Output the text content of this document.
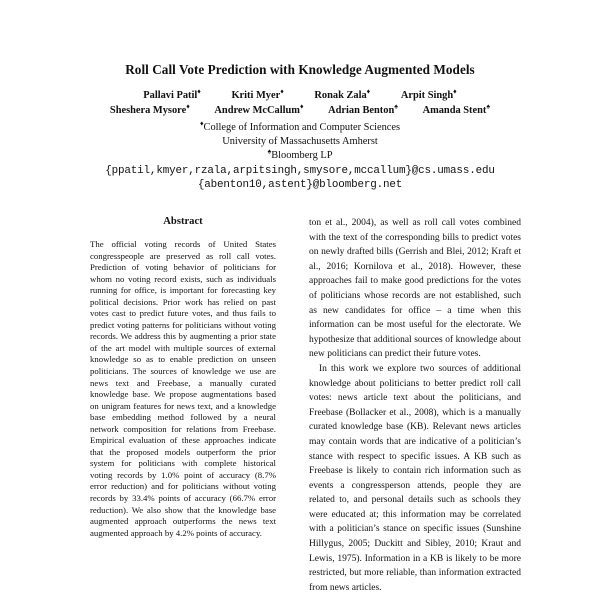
Roll Call Vote Prediction with Knowledge Augmented Models
Pallavi Patil♦	Kriti Myer♦	Ronak Zala♦	Arpit Singh♦
Sheshera Mysore♦ Andrew McCallum♦ Adrian Benton♠ Amanda Stent♠
♦College of Information and Computer Sciences
University of Massachusetts Amherst
♠Bloomberg LP
{ppatil,kmyer,rzala,arpitsingh,smysore,mccallum}@cs.umass.edu
{abenton10,astent}@bloomberg.net
Abstract
The official voting records of United States congresspeople are preserved as roll call votes. Prediction of voting behavior of politicians for whom no voting record exists, such as individuals running for office, is important for forecasting key political decisions. Prior work has relied on past votes cast to predict future votes, and thus fails to predict voting patterns for politicians without voting records. We address this by augmenting a prior state of the art model with multiple sources of external knowledge so as to enable prediction on unseen politicians. The sources of knowledge we use are news text and Freebase, a manually curated knowledge base. We propose augmentations based on unigram features for news text, and a knowledge base embedding method followed by a neural network composition for relations from Freebase. Empirical evaluation of these approaches indicate that the proposed models outperform the prior system for politicians with complete historical voting records by 1.0% point of accuracy (8.7% error reduction) and for politicians without voting records by 33.4% points of accuracy (66.7% error reduction). We also show that the knowledge base augmented approach outperforms the news text augmented approach by 4.2% points of accuracy.

ton et al., 2004), as well as roll call votes combined with the text of the corresponding bills to predict votes on newly drafted bills (Gerrish and Blei, 2012; Kraft et al., 2016; Kornilova et al., 2018). However, these approaches fail to make good predictions for the votes of politicians whose records are not established, such as new candidates for office – a time when this information can be most useful for the electorate. We hypothesize that additional sources of knowledge about new politicians can predict their future votes.

In this work we explore two sources of additional knowledge about politicians to better predict roll call votes: news article text about the politicians, and Freebase (Bollacker et al., 2008), which is a manually curated knowledge base (KB). Relevant news articles may contain words that are indicative of a politician’s stance with respect to specific issues. A KB such as Freebase is likely to contain rich information such as events a congressperson attends, people they are related to, and personal details such as schools they were educated at; this information may be correlated with a politician’s stance on specific issues (Sunshine Hillygus, 2005; Duckitt and Sibley, 2010; Kraut and Lewis, 1975). Information in a KB is likely to be more restricted, but more reliable, than information extracted from news articles.
